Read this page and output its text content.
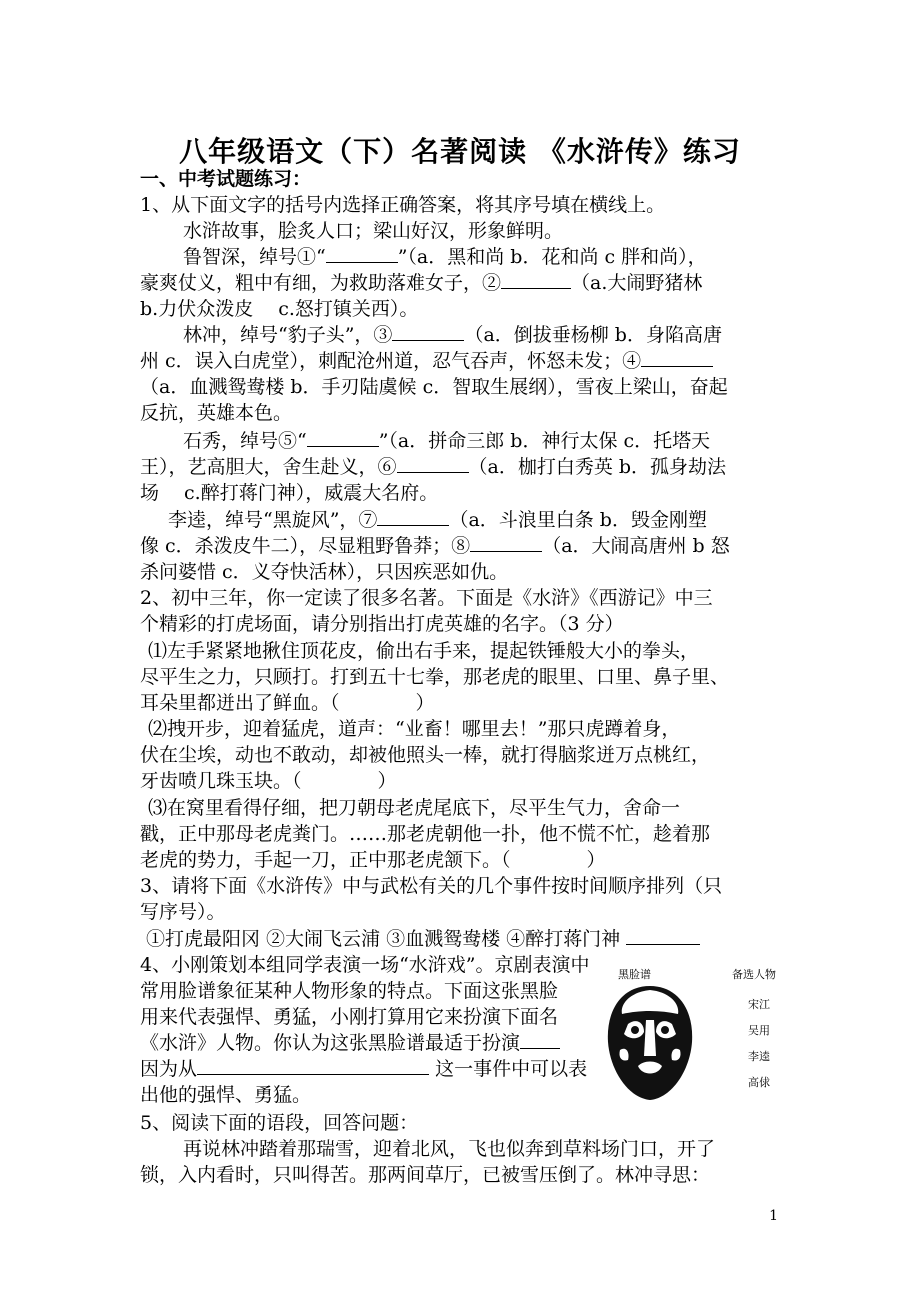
八年级语文（下）名著阅读 《水浒传》练习
一、中考试题练习：
1、从下面文字的括号内选择正确答案，将其序号填在横线上。
水浒故事，脍炙人口；梁山好汉，形象鲜明。
鲁智深，绰号①“	”（a．黑和尚 b．花和尚 c 胖和尚），
豪爽仗义，粗中有细，为救助落难女子，②	（a.大闹野猪林
b.力伏众泼皮　 c.怒打镇关西）。
林冲，绰号“豹子头”，③	（a．倒拔垂杨柳 b．身陷高唐
州 c．误入白虎堂），刺配沧州道，忍气吞声，怀怒未发；④
（a．血溅鸳鸯楼 b．手刃陆虞候 c．智取生展纲），雪夜上梁山，奋起
反抗，英雄本色。
石秀，绰号⑤“	”（a．拼命三郎 b．神行太保 c．托塔天
王），艺高胆大，舍生赴义，⑥	（a．枷打白秀英 b．孤身劫法
场　 c.醉打蒋门神），威震大名府。
李逵，绰号“黑旋风”，⑦	（a．斗浪里白条 b．毁金刚塑
像 c．杀泼皮牛二），尽显粗野鲁莽；⑧	（a．大闹高唐州 b 怒
杀问婆惜 c．义夺快活林），只因疾恶如仇。
2、初中三年，你一定读了很多名著。下面是《水浒》《西游记》中三
个精彩的打虎场面，请分别指出打虎英雄的名字。（3 分）
⑴左手紧紧地揪住顶花皮，偷出右手来，提起铁锤般大小的拳头，
尽平生之力，只顾打。打到五十七拳，那老虎的眼里、口里、鼻子里、
耳朵里都迸出了鲜血。（　　　　）
⑵拽开步，迎着猛虎，道声：“业畜！哪里去！”那只虎蹲着身，
伏在尘埃，动也不敢动，却被他照头一棒，就打得脑浆迸万点桃红，
牙齿喷几珠玉块。（　　　　）
⑶在窝里看得仔细，把刀朝母老虎尾底下，尽平生气力，舍命一
戳，正中那母老虎粪门。……那老虎朝他一扑，他不慌不忙，趁着那
老虎的势力，手起一刀，正中那老虎颔下。（　　　　）
3、请将下面《水浒传》中与武松有关的几个事件按时间顺序排列（只
写序号）。
①打虎最阳冈 ②大闹飞云浦 ③血溅鸳鸯楼 ④醉打蒋门神
4、小刚策划本组同学表演一场“水浒戏”。京剧表演中
常用脸谱象征某种人物形象的特点。下面这张黑脸
用来代表强悍、勇猛，小刚打算用它来扮演下面名
《水浒》人物。你认为这张黑脸谱最适于扮演
因为从	这一事件中可以表
出他的强悍、勇猛。
黑脸谱	备选人物
宋江
吴用
李逵
高俅
5、阅读下面的语段，回答问题：
再说林冲踏着那瑞雪，迎着北风，飞也似奔到草料场门口，开了
锁，入内看时，只叫得苦。那两间草厅，已被雪压倒了。林冲寻思：
1
